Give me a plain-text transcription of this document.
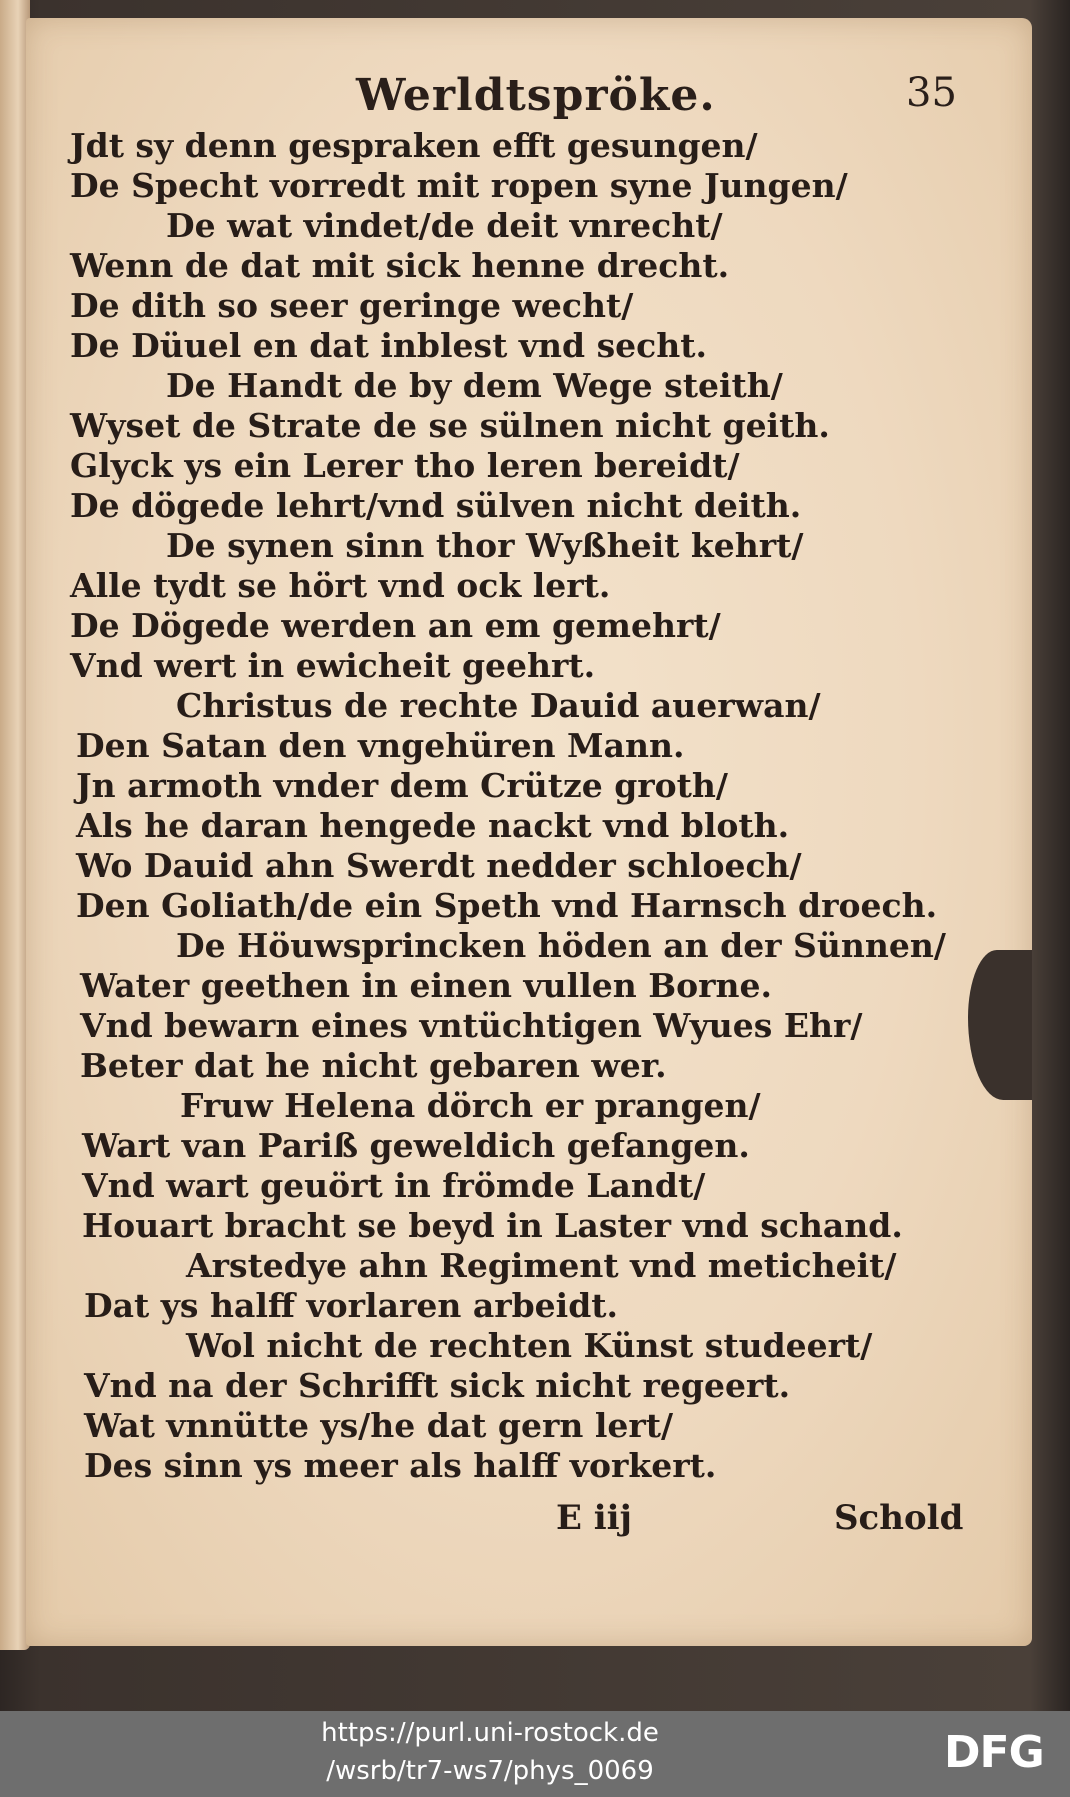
Werldtspröke.	35
Jdt sy denn gespraken efft gesungen/
De Specht vorredt mit ropen syne Jungen/
De wat vindet/de deit vnrecht/
Wenn de dat mit sick henne drecht.
De dith so seer geringe wecht/
De Düuel en dat inblest vnd secht.
De Handt de by dem Wege steith/
Wyset de Strate de se sülnen nicht geith.
Glyck ys ein Lerer tho leren bereidt/
De dögede lehrt/vnd sülven nicht deith.
De synen sinn thor Wyßheit kehrt/
Alle tydt se hört vnd ock lert.
De Dögede werden an em gemehrt/
Vnd wert in ewicheit geehrt.
Christus de rechte Dauid auerwan/
Den Satan den vngehüren Mann.
Jn armoth vnder dem Crütze groth/
Als he daran hengede nackt vnd bloth.
Wo Dauid ahn Swerdt nedder schloech/
Den Goliath/de ein Speth vnd Harnsch droech.
De Höuwsprincken höden an der Sünnen/
Water geethen in einen vullen Borne.
Vnd bewarn eines vntüchtigen Wyues Ehr/
Beter dat he nicht gebaren wer.
Fruw Helena dörch er prangen/
Wart van Pariß geweldich gefangen.
Vnd wart geuört in frömde Landt/
Houart bracht se beyd in Laster vnd schand.
Arstedye ahn Regiment vnd meticheit/
Dat ys halff vorlaren arbeidt.
Wol nicht de rechten Künst studeert/
Vnd na der Schrifft sick nicht regeert.
Wat vnnütte ys/he dat gern lert/
Des sinn ys meer als halff vorkert.
E iij	Schold
https://purl.uni-rostock.de
/wsrb/tr7-ws7/phys_0069	DFG
